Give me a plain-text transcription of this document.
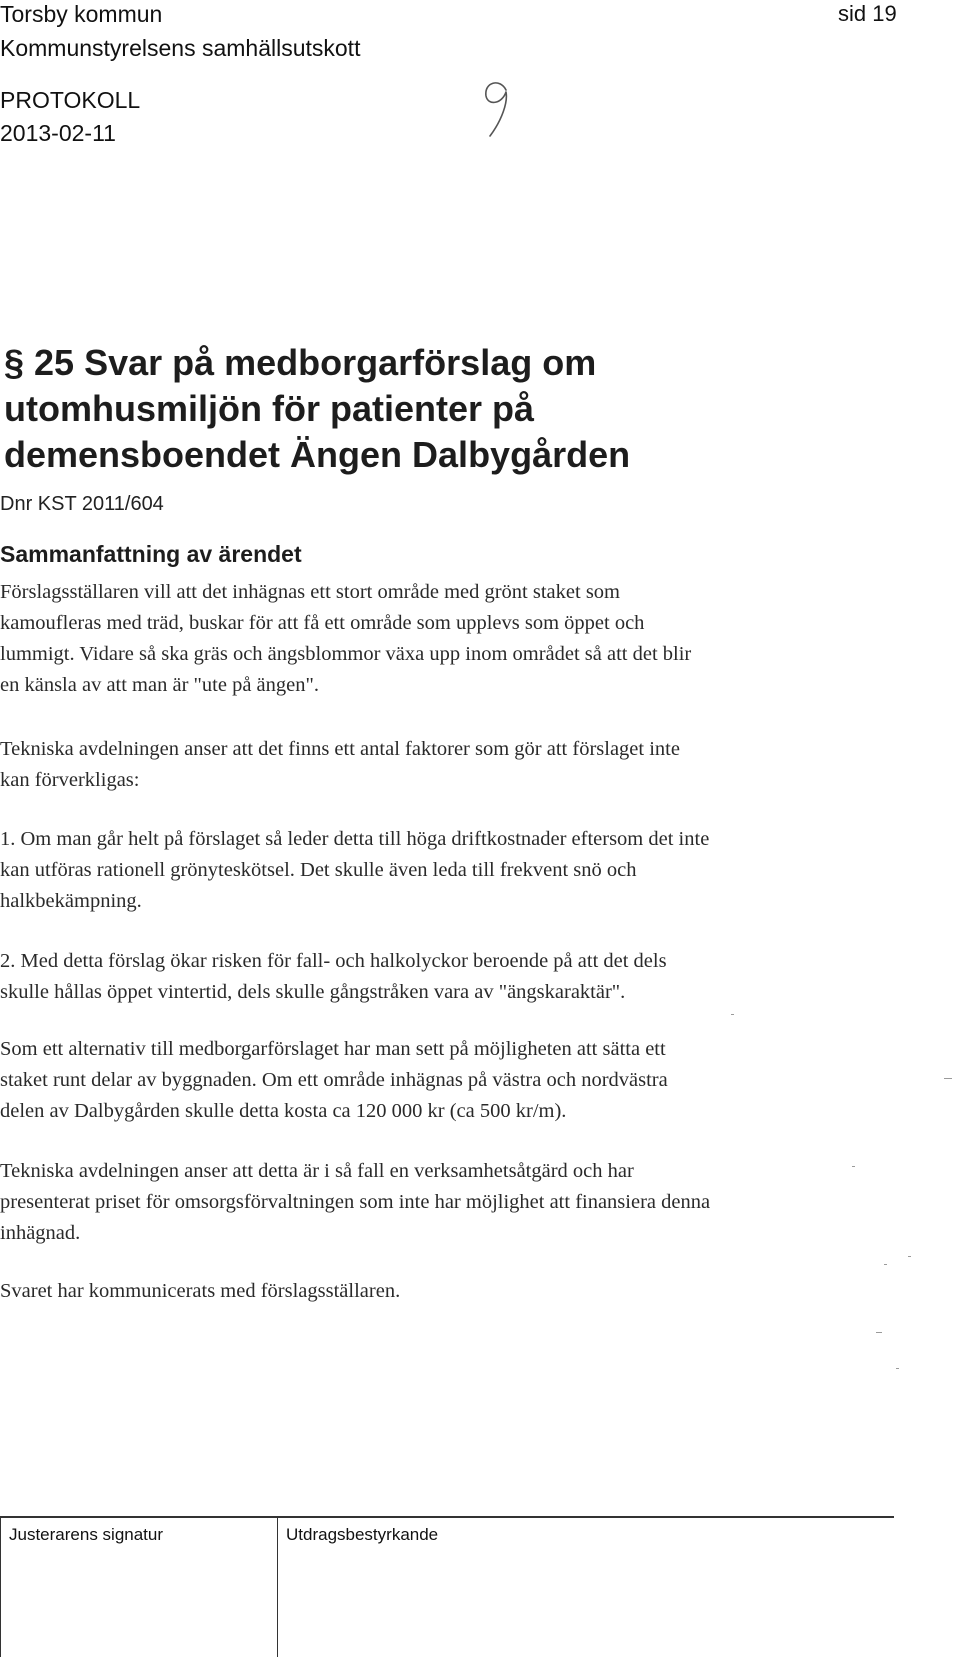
Torsby kommun
Kommunstyrelsens samhällsutskott
PROTOKOLL
2013-02-11
sid 19
§ 25 Svar på medborgarförslag om
utomhusmiljön för patienter på
demensboendet Ängen Dalbygården
Dnr KST 2011/604
Sammanfattning av ärendet

Förslagsställaren vill att det inhägnas ett stort område med grönt staket som
kamoufleras med träd, buskar för att få ett område som upplevs som öppet och
lummigt. Vidare så ska gräs och ängsblommor växa upp inom området så att det blir
en känsla av att man är "ute på ängen".

Tekniska avdelningen anser att det finns ett antal faktorer som gör att förslaget inte
kan förverkligas:

1. Om man går helt på förslaget så leder detta till höga driftkostnader eftersom det inte
kan utföras rationell grönyteskötsel. Det skulle även leda till frekvent snö och
halkbekämpning.

2. Med detta förslag ökar risken för fall- och halkolyckor beroende på att det dels
skulle hållas öppet vintertid, dels skulle gångstråken vara av "ängskaraktär".

Som ett alternativ till medborgarförslaget har man sett på möjligheten att sätta ett
staket runt delar av byggnaden. Om ett område inhägnas på västra och nordvästra
delen av Dalbygården skulle detta kosta ca 120 000 kr (ca 500 kr/m).

Tekniska avdelningen anser att detta är i så fall en verksamhetsåtgärd och har
presenterat priset för omsorgsförvaltningen som inte har möjlighet att finansiera denna
inhägnad.

Svaret har kommunicerats med förslagsställaren.

Justerarens signatur	Utdragsbestyrkande
